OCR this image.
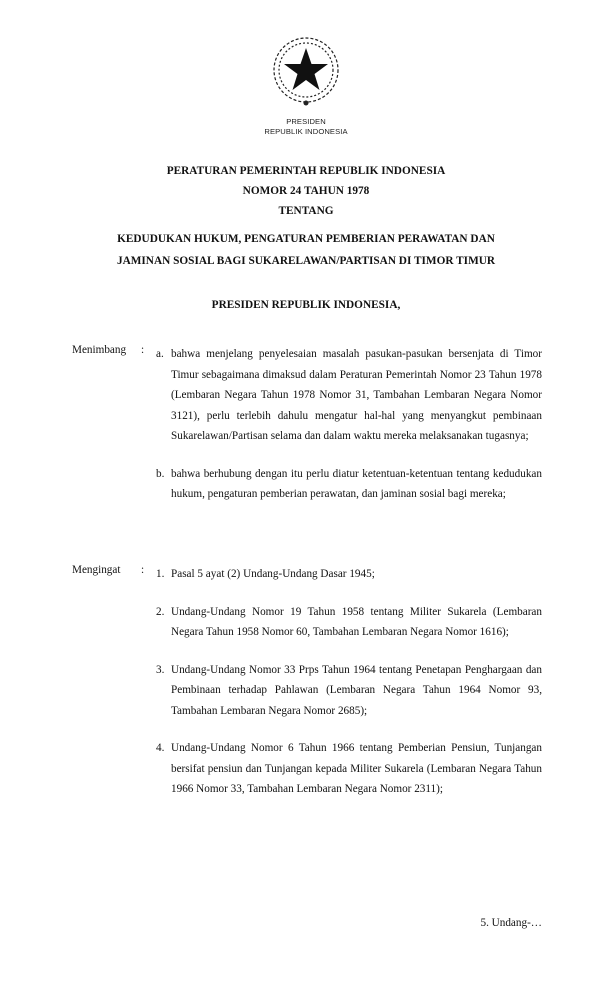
PRESIDEN
REPUBLIK INDONESIA
PERATURAN PEMERINTAH REPUBLIK INDONESIA
NOMOR 24 TAHUN 1978
TENTANG
KEDUDUKAN HUKUM, PENGATURAN PEMBERIAN PERAWATAN DAN
JAMINAN SOSIAL BAGI SUKARELAWAN/PARTISAN DI TIMOR TIMUR
PRESIDEN REPUBLIK INDONESIA,
Menimbang : a. bahwa menjelang penyelesaian masalah pasukan-pasukan bersenjata di Timor Timur sebagaimana dimaksud dalam Peraturan Pemerintah Nomor 23 Tahun 1978 (Lembaran Negara Tahun 1978 Nomor 31, Tambahan Lembaran Negara Nomor 3121), perlu terlebih dahulu mengatur hal-hal yang menyangkut pembinaan Sukarelawan/Partisan selama dan dalam waktu mereka melaksanakan tugasnya;
b. bahwa berhubung dengan itu perlu diatur ketentuan-ketentuan tentang kedudukan hukum, pengaturan pemberian perawatan, dan jaminan sosial bagi mereka;
Mengingat : 1. Pasal 5 ayat (2) Undang-Undang Dasar 1945;
2. Undang-Undang Nomor 19 Tahun 1958 tentang Militer Sukarela (Lembaran Negara Tahun 1958 Nomor 60, Tambahan Lembaran Negara Nomor 1616);
3. Undang-Undang Nomor 33 Prps Tahun 1964 tentang Penetapan Penghargaan dan Pembinaan terhadap Pahlawan (Lembaran Negara Tahun 1964 Nomor 93, Tambahan Lembaran Negara Nomor 2685);
4. Undang-Undang Nomor 6 Tahun 1966 tentang Pemberian Pensiun, Tunjangan bersifat pensiun dan Tunjangan kepada Militer Sukarela (Lembaran Negara Tahun 1966 Nomor 33, Tambahan Lembaran Negara Nomor 2311);
5. Undang-…
